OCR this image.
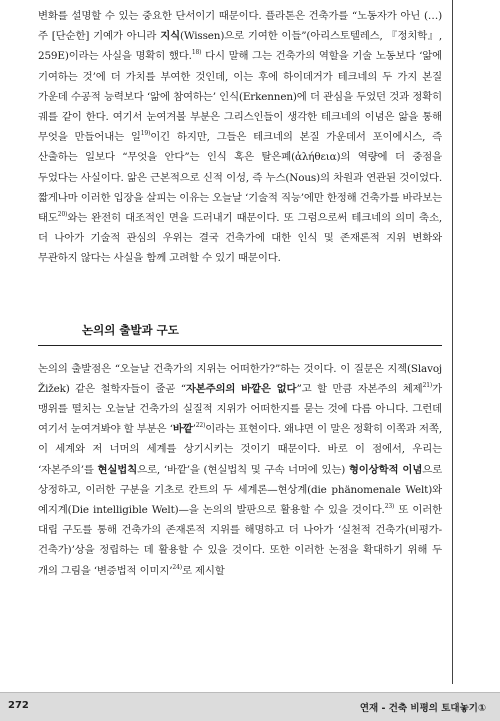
변화를 설명할 수 있는 중요한 단서이기 때문이다. 플라톤은 건축가를 “노동자가 아닌 (…) 주 [단순한] 기예가 아니라 지식(Wissen)으로 기여한 이들”(아리스토텔레스, 『정치학』, 259E)이라는 사실을 명확히 했다.$^{18)}$ 다시 말해 그는 건축가의 역할을 기술 노동보다 ‘앎에 기여하는 것’에 더 가치를 부여한 것인데, 이는 후에 하이데거가 테크네의 두 가지 본질 가운데 수공적 능력보다 ‘앎에 참여하는’ 인식(Erkennen)에 더 관심을 두었던 것과 정확히 궤를 같이 한다. 여기서 눈여겨볼 부분은 그리스인들이 생각한 테크네의 이념은 앎을 통해 무엇을 만들어내는 일$^{19)}$이긴 하지만, 그들은 테크네의 본질 가운데서 포이에시스, 즉 산출하는 일보다 “무엇을 안다”는 인식 혹은 탈은폐(ἀλήθεια)의 역량에 더 중점을 두었다는 사실이다. 앎은 근본적으로 신적 이성, 즉 누스(Nous)의 차원과 연관된 것이었다. 짧게나마 이러한 입장을 살피는 이유는 오늘날 ‘기술적 직능’에만 한정해 건축가를 바라보는 태도$^{20)}$와는 완전히 대조적인 면을 드러내기 때문이다. 또 그럼으로써 테크네의 의미 축소, 더 나아가 기술적 관심의 우위는 결국 건축가에 대한 인식 및 존재론적 지위 변화와 무관하지 않다는 사실을 함께 고려할 수 있기 때문이다.

논의의 출발과 구도

논의의 출발점은 “오늘날 건축가의 지위는 어떠한가?”하는 것이다. 이 질문은 지젝(Slavoj Žižek) 같은 철학자들이 줄곧 “자본주의의 바깥은 없다”고 할 만큼 자본주의 체제$^{21)}$가 맹위를 떨치는 오늘날 건축가의 실질적 지위가 어떠한지를 묻는 것에 다름 아니다. 그런데 여기서 눈여겨봐야 할 부분은 ‘바깥’$^{22)}$이라는 표현이다. 왜냐면 이 말은 정확히 이쪽과 저쪽, 이 세계와 저 너머의 세계를 상기시키는 것이기 때문이다. 바로 이 점에서, 우리는 ‘자본주의’를 현실법칙으로, ‘바깥’을 (현실법칙 및 구속 너머에 있는) 형이상학적 이념으로 상정하고, 이러한 구분을 기초로 칸트의 두 세계론—현상계(die phänomenale Welt)와 예지계(Die intelligible Welt)—을 논의의 발판으로 활용할 수 있을 것이다.$^{23)}$ 또 이러한 대립 구도를 통해 건축가의 존재론적 지위를 해명하고 더 나아가 ‘실천적 건축가(비평가-건축가)’상을 정립하는 데 활용할 수 있을 것이다. 또한 이러한 논점을 확대하기 위해 두 개의 그림을 ‘변증법적 이미지’$^{24)}$로 제시할

272	연재 - 건축 비평의 토대놓기①
